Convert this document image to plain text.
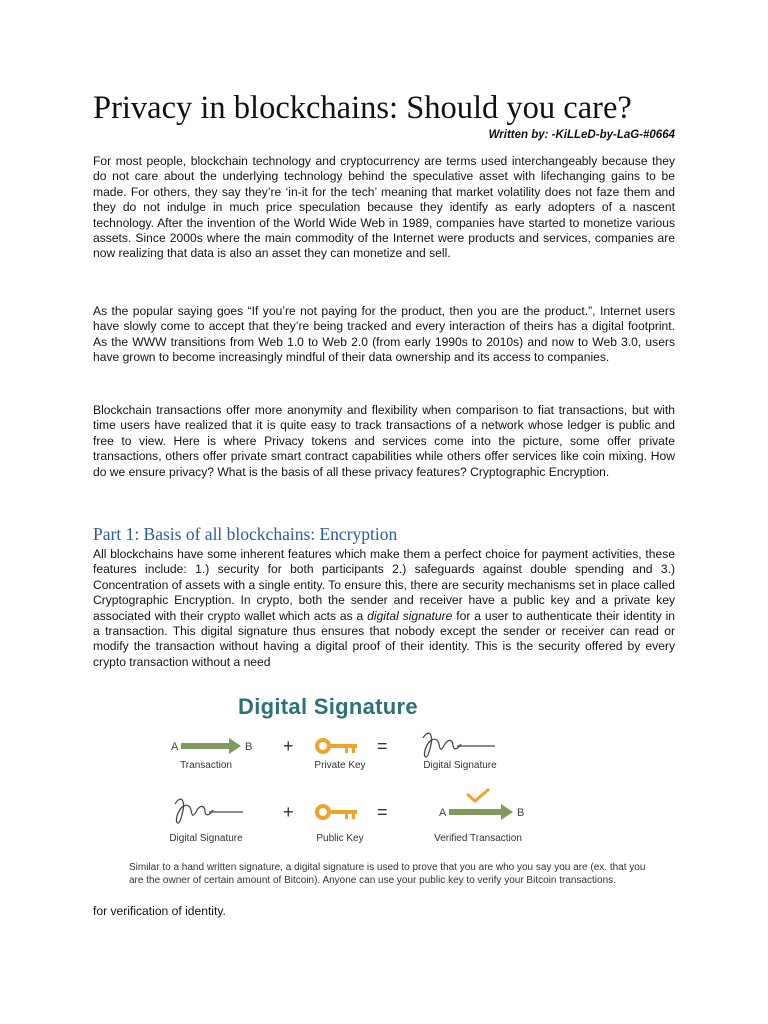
Privacy in blockchains: Should you care?
Written by: -KiLLeD-by-LaG-#0664

For most people, blockchain technology and cryptocurrency are terms used interchangeably because they do not care about the underlying technology behind the speculative asset with lifechanging gains to be made. For others, they say they’re ‘in-it for the tech’ meaning that market volatility does not faze them and they do not indulge in much price speculation because they identify as early adopters of a nascent technology. After the invention of the World Wide Web in 1989, companies have started to monetize various assets. Since 2000s where the main commodity of the Internet were products and services, companies are now realizing that data is also an asset they can monetize and sell.

As the popular saying goes “If you’re not paying for the product, then you are the product.”, Internet users have slowly come to accept that they’re being tracked and every interaction of theirs has a digital footprint. As the WWW transitions from Web 1.0 to Web 2.0 (from early 1990s to 2010s) and now to Web 3.0, users have grown to become increasingly mindful of their data ownership and its access to companies.

Blockchain transactions offer more anonymity and flexibility when comparison to fiat transactions, but with time users have realized that it is quite easy to track transactions of a network whose ledger is public and free to view. Here is where Privacy tokens and services come into the picture, some offer private transactions, others offer private smart contract capabilities while others offer services like coin mixing. How do we ensure privacy? What is the basis of all these privacy features? Cryptographic Encryption.

Part 1: Basis of all blockchains: Encryption

All blockchains have some inherent features which make them a perfect choice for payment activities, these features include: 1.) security for both participants 2.) safeguards against double spending and 3.) Concentration of assets with a single entity. To ensure this, there are security mechanisms set in place called Cryptographic Encryption. In crypto, both the sender and receiver have a public key and a private key associated with their crypto wallet which acts as a digital signature for a user to authenticate their identity in a transaction. This digital signature thus ensures that nobody except the sender or receiver can read or modify the transaction without having a digital proof of their identity. This is the security offered by every crypto transaction without a need

Digital Signature
A	B +	=
+	=	A	B
Transaction	Private Key	Digital Signature
Digital Signature	Public Key	Verified Transaction
Similar to a hand written signature, a digital signature is used to prove that you are who you say you are (ex. that you are the owner of certain amount of Bitcoin). Anyone can use your public key to verify your Bitcoin transactions.
for verification of identity.
